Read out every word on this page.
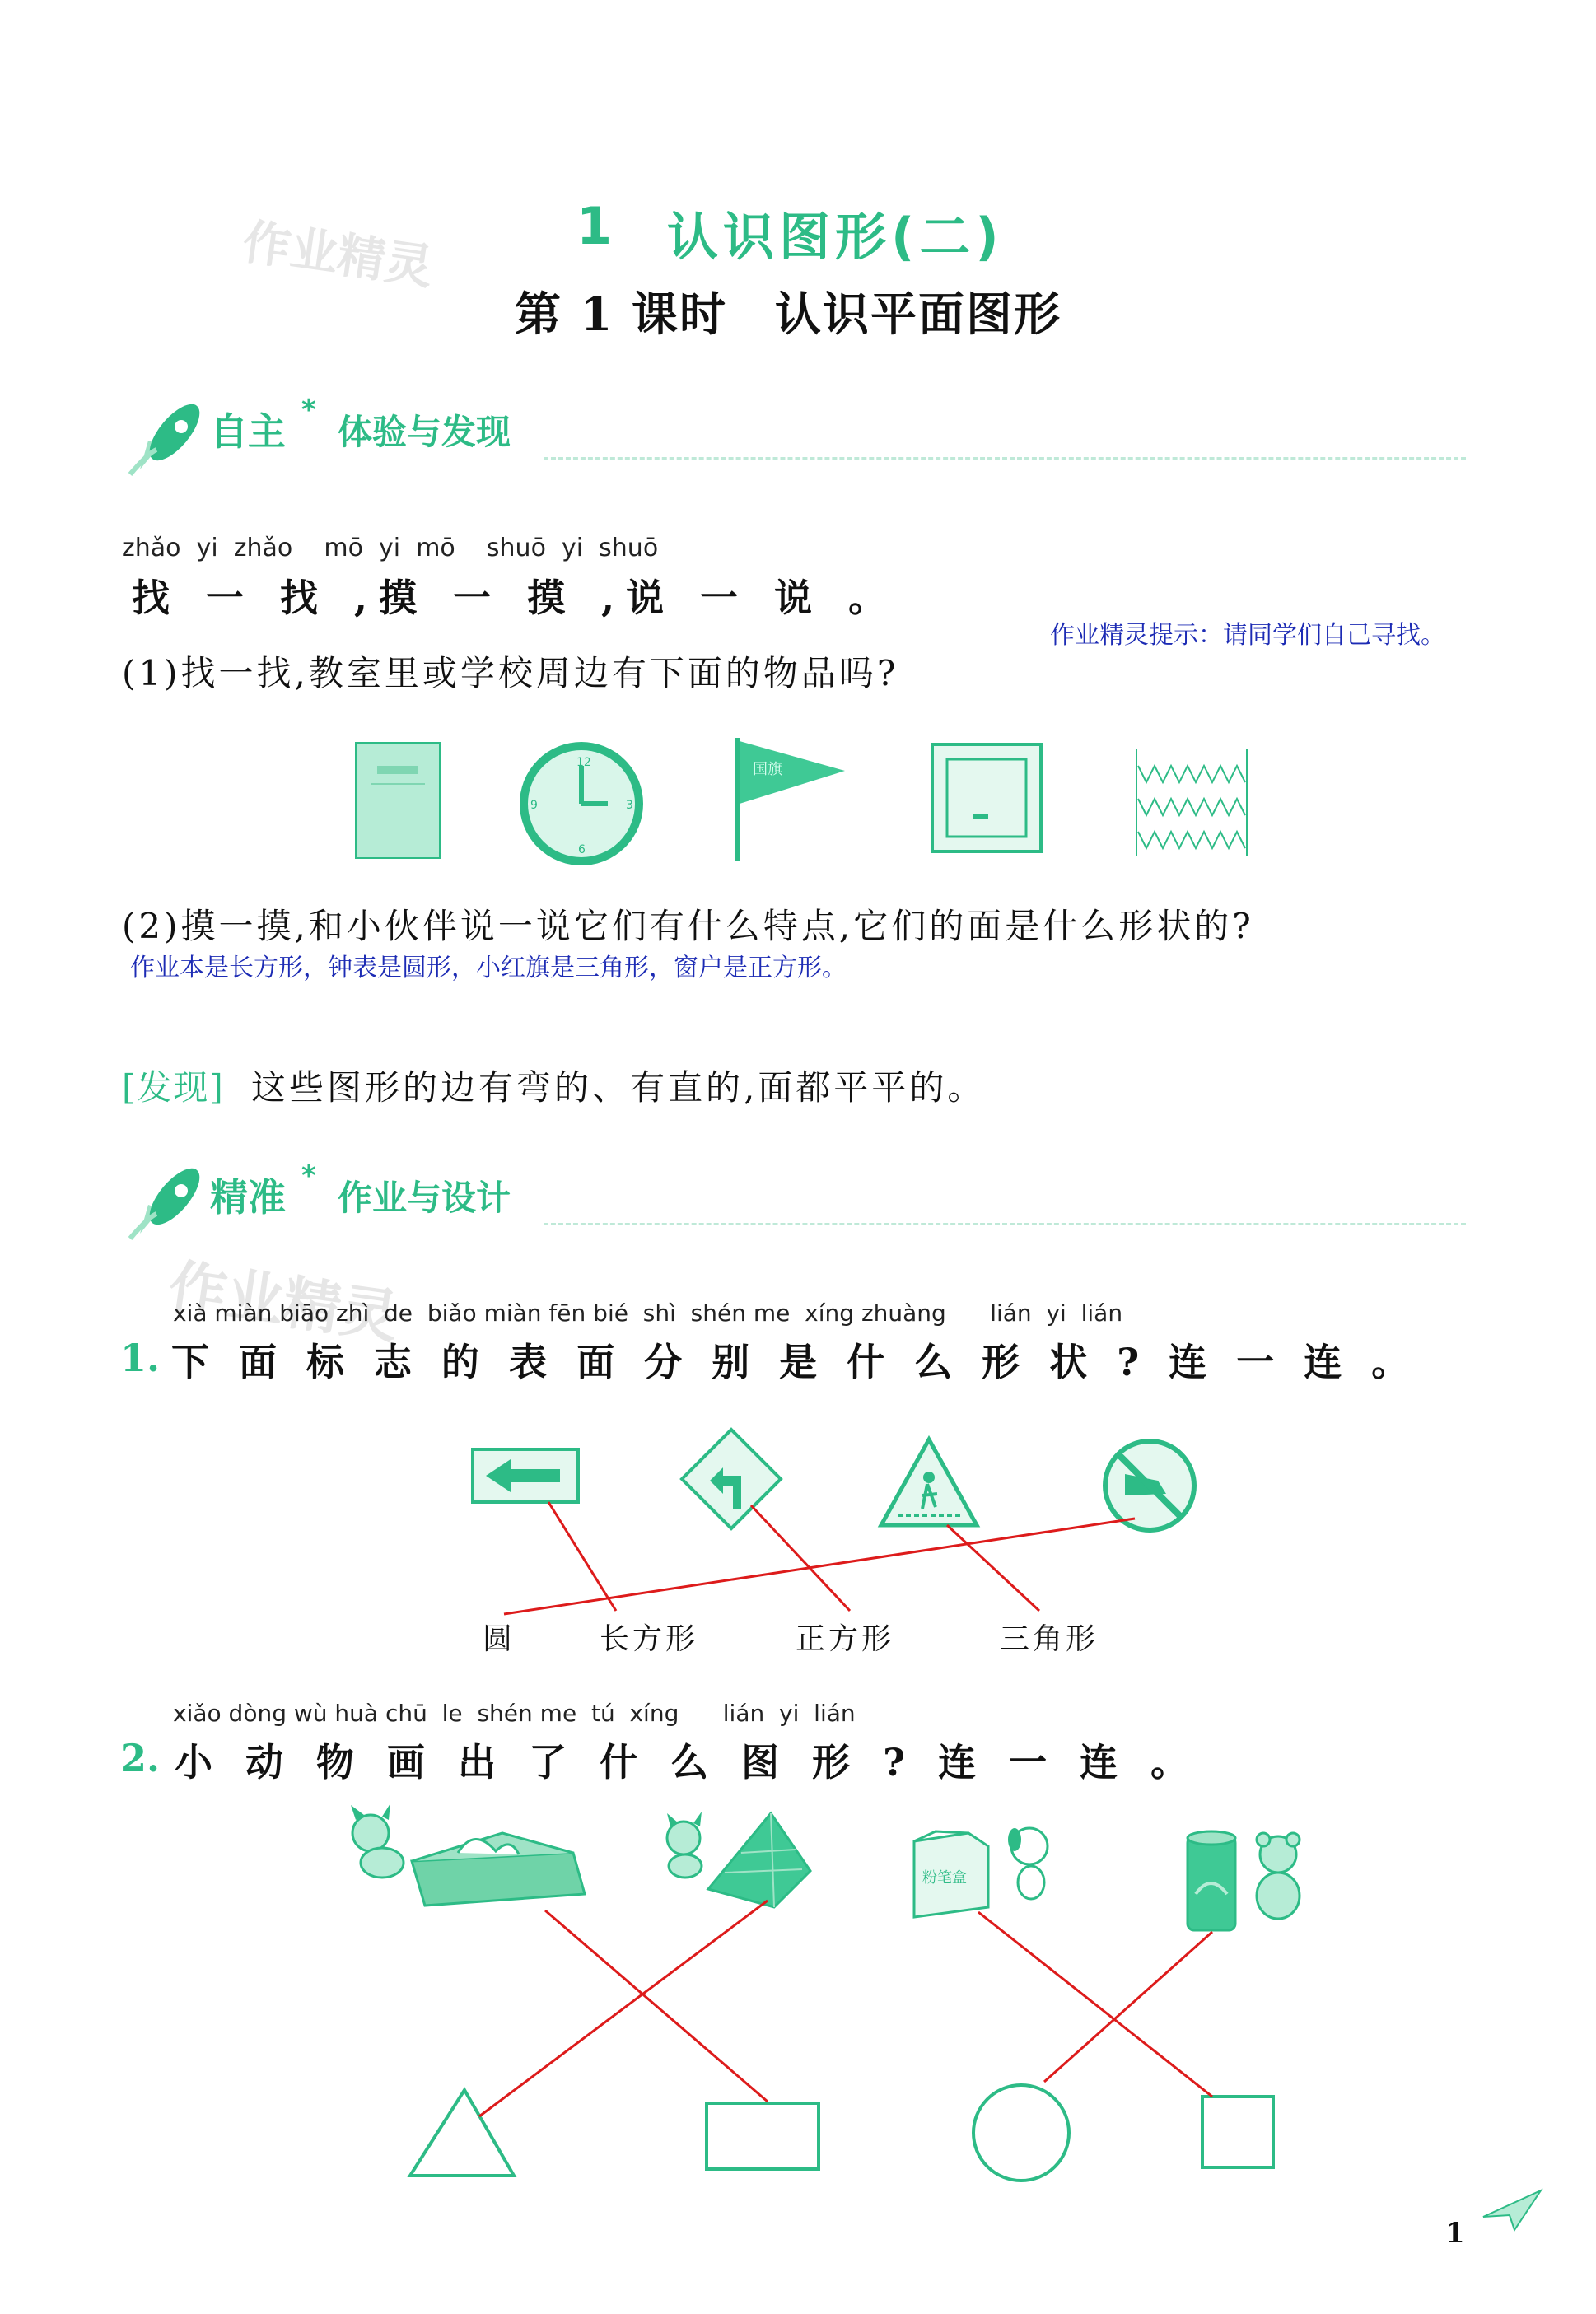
作业精灵
作业精灵
1 认识图形(二)
第 1 课时　认识平面图形
自主 *
体验与发现
zhǎo  yi  zhǎo    mō  yi  mō    shuō  yi  shuō
找 一 找 ,摸 一 摸 ,说 一 说 。
作业精灵提示：请同学们自己寻找。
(1)找一找,教室里或学校周边有下面的物品吗?
12
3
6
9
国旗
(2)摸一摸,和小伙伴说一说它们有什么特点,它们的面是什么形状的?
作业本是长方形，钟表是圆形，小红旗是三角形，窗户是正方形。
[发现] 这些图形的边有弯的、有直的,面都平平的。
精准 *
作业与设计
xià miàn biāo zhì  de  biǎo miàn fēn bié  shì  shén me  xíng zhuàng      lián  yi  lián
1. 下 面 标 志 的 表 面 分 别 是 什 么 形 状 ? 连 一 连 。
圆	长方形	正方形	三角形
xiǎo dòng wù huà chū  le  shén me  tú  xíng      lián  yi  lián
2. 小 动 物 画 出 了 什 么 图 形 ? 连 一 连 。
粉笔盒
1
